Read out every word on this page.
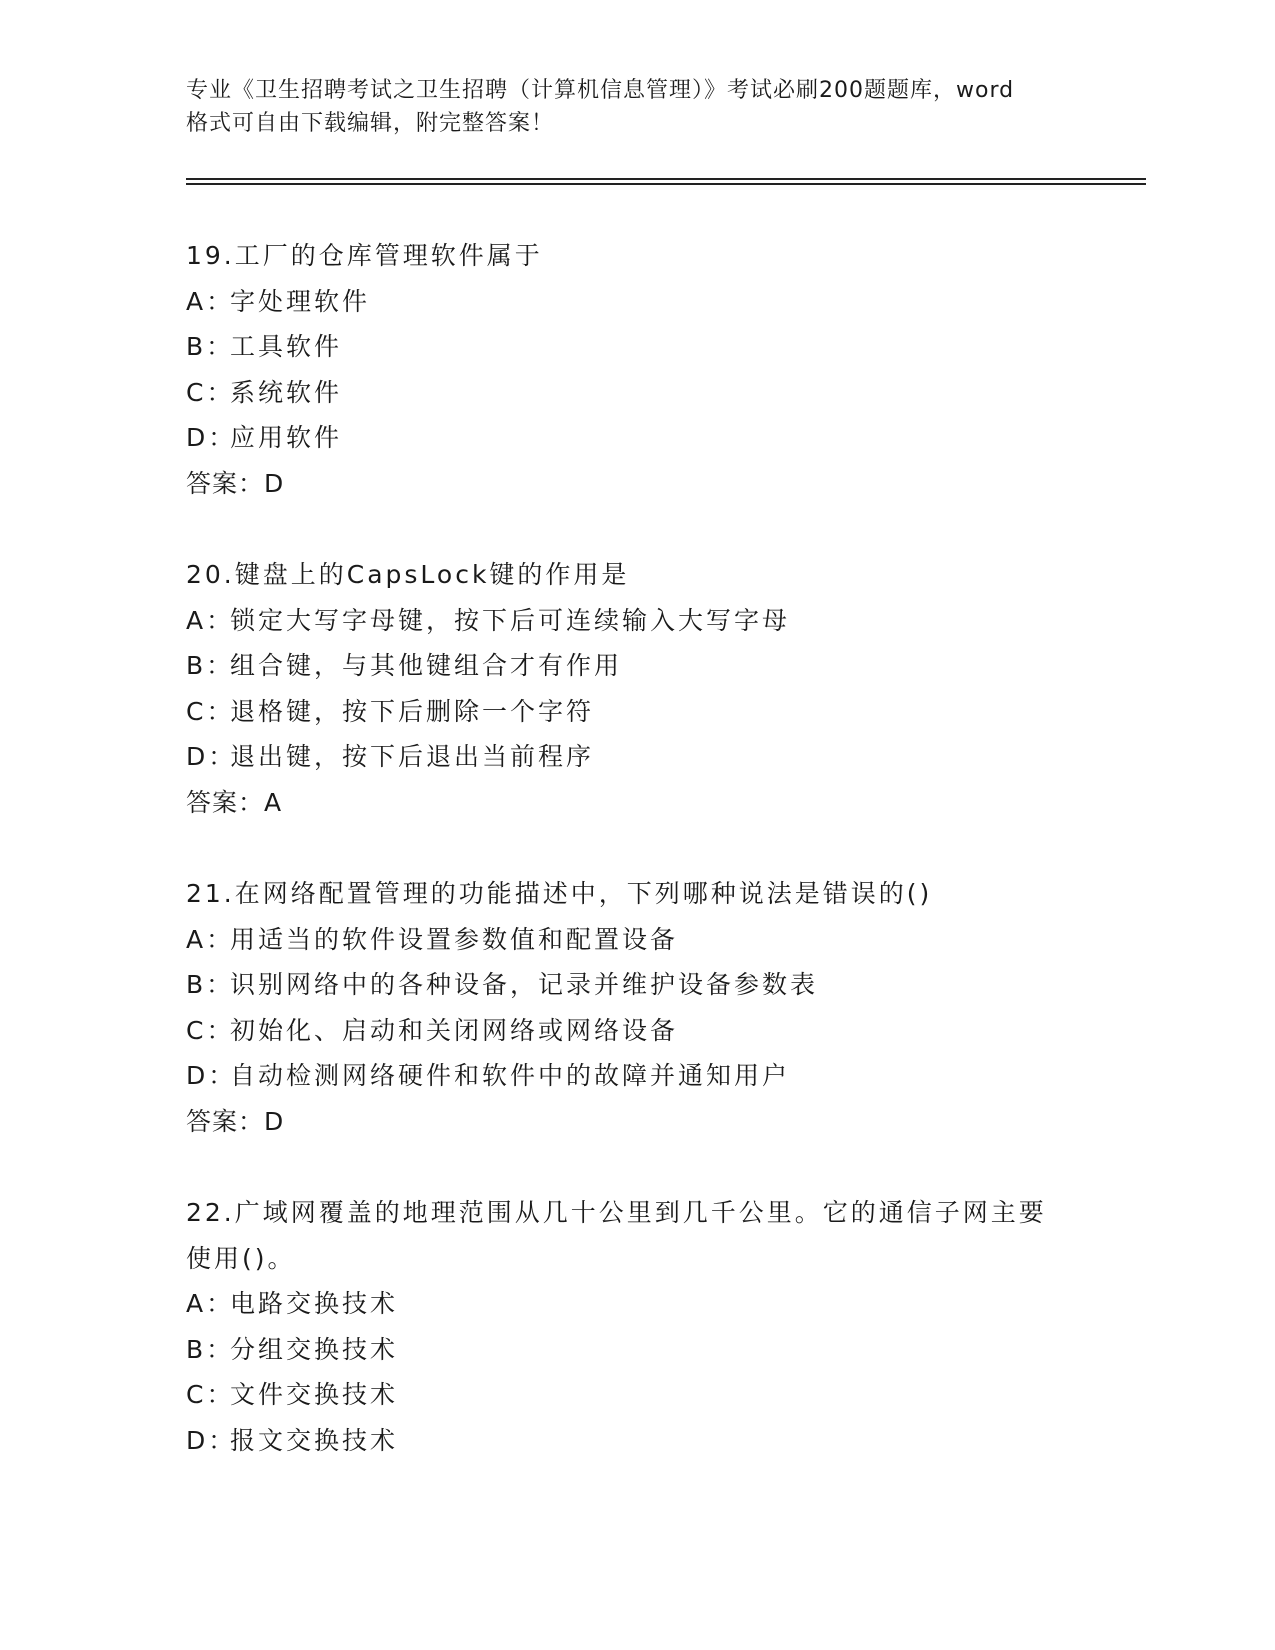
专业《卫生招聘考试之卫生招聘（计算机信息管理）》考试必刷200题题库，word
格式可自由下载编辑，附完整答案！
19.工厂的仓库管理软件属于
A：字处理软件
B：工具软件
C：系统软件
D：应用软件
答案：D
20.键盘上的CapsLock键的作用是
A：锁定大写字母键，按下后可连续输入大写字母
B：组合键，与其他键组合才有作用
C：退格键，按下后删除一个字符
D：退出键，按下后退出当前程序
答案：A
21.在网络配置管理的功能描述中，下列哪种说法是错误的()
A：用适当的软件设置参数值和配置设备
B：识别网络中的各种设备，记录并维护设备参数表
C：初始化、启动和关闭网络或网络设备
D：自动检测网络硬件和软件中的故障并通知用户
答案：D
22.广域网覆盖的地理范围从几十公里到几千公里。它的通信子网主要使用()。
A：电路交换技术
B：分组交换技术
C：文件交换技术
D：报文交换技术
